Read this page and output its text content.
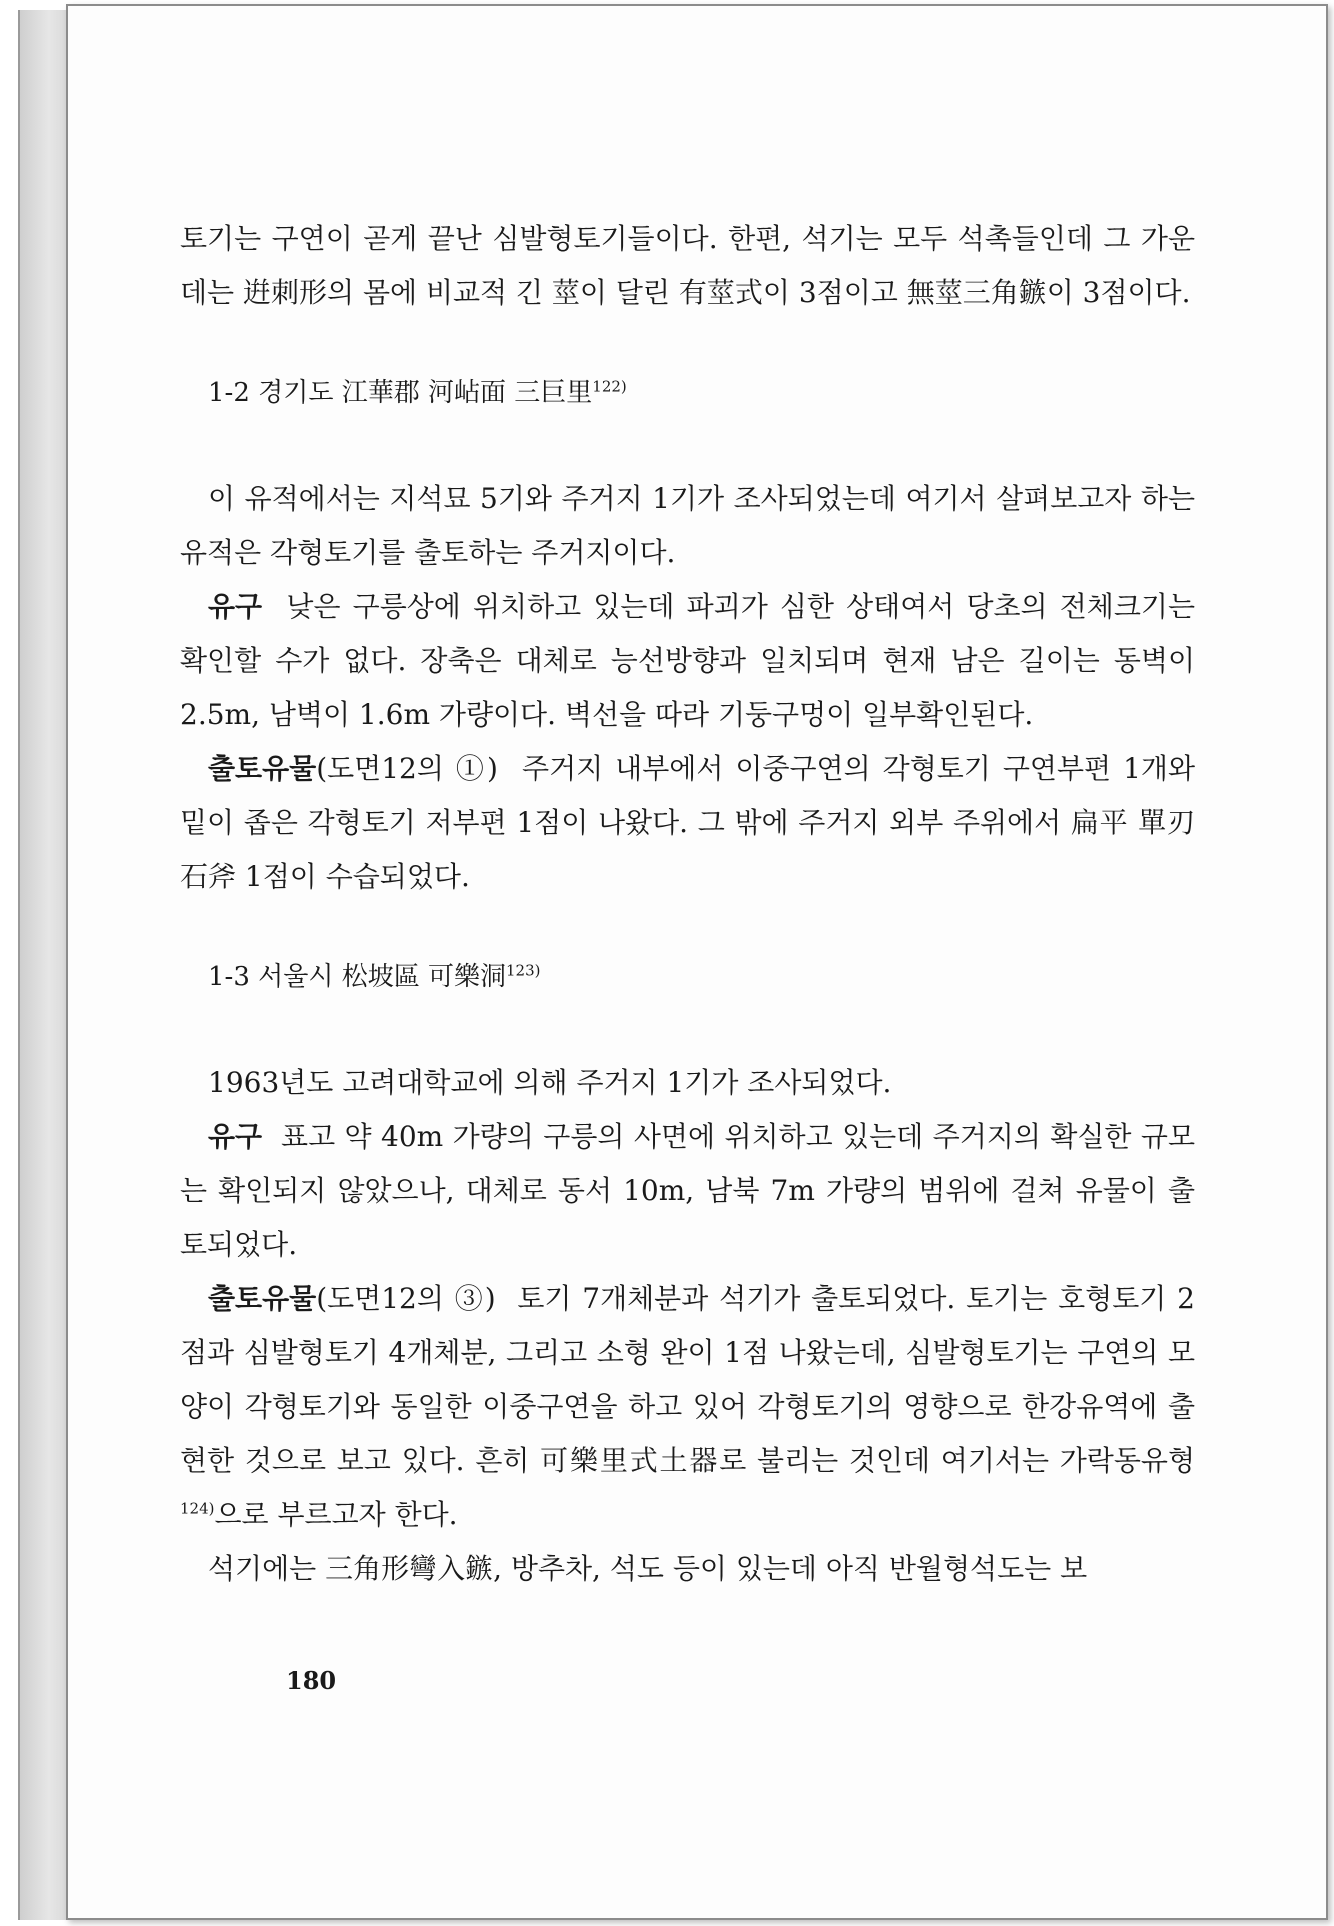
토기는 구연이 곧게 끝난 심발형토기들이다. 한편, 석기는 모두 석촉들인데 그 가운데는 逬刺形의 몸에 비교적 긴 莖이 달린 有莖式이 3점이고 無莖三角鏃이 3점이다.

1-2 경기도 江華郡 河岾面 三巨里$^{122)}$

이 유적에서는 지석묘 5기와 주거지 1기가 조사되었는데 여기서 살펴보고자 하는 유적은 각형토기를 출토하는 주거지이다.

유구 낮은 구릉상에 위치하고 있는데 파괴가 심한 상태여서 당초의 전체크기는 확인할 수가 없다. 장축은 대체로 능선방향과 일치되며 현재 남은 길이는 동벽이 2.5m, 남벽이 1.6m 가량이다. 벽선을 따라 기둥구멍이 일부확인된다.

출토유물(도면12의 ①) 주거지 내부에서 이중구연의 각형토기 구연부편 1개와 밑이 좁은 각형토기 저부편 1점이 나왔다. 그 밖에 주거지 외부 주위에서 扁平 單刃石斧 1점이 수습되었다.

1-3 서울시 松坡區 可樂洞$^{123)}$

1963년도 고려대학교에 의해 주거지 1기가 조사되었다.

유구 표고 약 40m 가량의 구릉의 사면에 위치하고 있는데 주거지의 확실한 규모는 확인되지 않았으나, 대체로 동서 10m, 남북 7m 가량의 범위에 걸쳐 유물이 출토되었다.

출토유물(도면12의 ③) 토기 7개체분과 석기가 출토되었다. 토기는 호형토기 2점과 심발형토기 4개체분, 그리고 소형 완이 1점 나왔는데, 심발형토기는 구연의 모양이 각형토기와 동일한 이중구연을 하고 있어 각형토기의 영향으로 한강유역에 출현한 것으로 보고 있다. 흔히 可樂里式土器로 불리는 것인데 여기서는 가락동유형$^{124)}$으로 부르고자 한다.

석기에는 三角形彎入鏃, 방추차, 석도 등이 있는데 아직 반월형석도는 보

180
